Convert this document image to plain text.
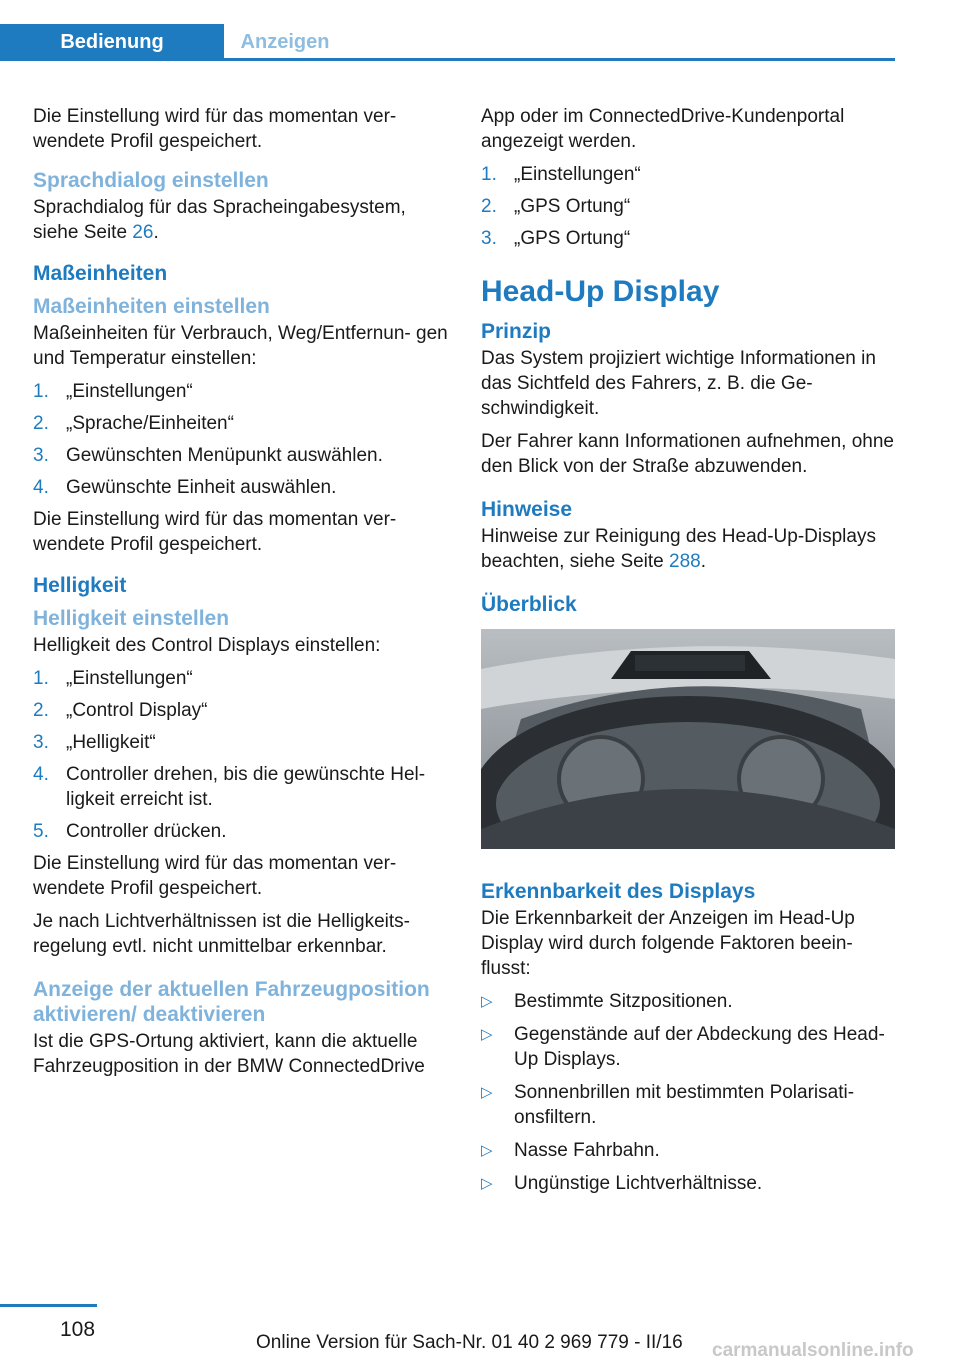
Bedienung	Anzeigen

Die Einstellung wird für das momentan ver‐ wendete Profil gespeichert.

Sprachdialog einstellen

Sprachdialog für das Spracheingabesystem, siehe Seite 26.

Maßeinheiten
Maßeinheiten einstellen

Maßeinheiten für Verbrauch, Weg/Entfernun‐ gen und Temperatur einstellen:

1. „Einstellungen“
2. „Sprache/Einheiten“
3. Gewünschten Menüpunkt auswählen.
4. Gewünschte Einheit auswählen.

Die Einstellung wird für das momentan ver‐ wendete Profil gespeichert.

Helligkeit
Helligkeit einstellen

Helligkeit des Control Displays einstellen:

1. „Einstellungen“
2. „Control Display“
3. „Helligkeit“
4. Controller drehen, bis die gewünschte Hel‐ ligkeit erreicht ist.
5. Controller drücken.

Die Einstellung wird für das momentan ver‐ wendete Profil gespeichert.

Je nach Lichtverhältnissen ist die Helligkeits‐ regelung evtl. nicht unmittelbar erkennbar.

Anzeige der aktuellen Fahrzeugposition aktivieren/ deaktivieren

Ist die GPS-Ortung aktiviert, kann die aktuelle Fahrzeugposition in der BMW ConnectedDrive

App oder im ConnectedDrive-Kundenportal angezeigt werden.

1. „Einstellungen“
2. „GPS Ortung“
3. „GPS Ortung“
Head-Up Display
Prinzip

Das System projiziert wichtige Informationen in das Sichtfeld des Fahrers, z. B. die Ge‐ schwindigkeit.

Der Fahrer kann Informationen aufnehmen, ohne den Blick von der Straße abzuwenden.

Hinweise

Hinweise zur Reinigung des Head-Up-Displays beachten, siehe Seite 288.

Überblick
Erkennbarkeit des Displays

Die Erkennbarkeit der Anzeigen im Head-Up Display wird durch folgende Faktoren beein‐ flusst:

▷ Bestimmte Sitzpositionen.
▷ Gegenstände auf der Abdeckung des Head-Up Displays.
▷ Sonnenbrillen mit bestimmten Polarisati‐ onsfiltern.
▷ Nasse Fahrbahn.
▷ Ungünstige Lichtverhältnisse.
108
Online Version für Sach-Nr. 01 40 2 969 779 - II/16 carmanualsonline.info
